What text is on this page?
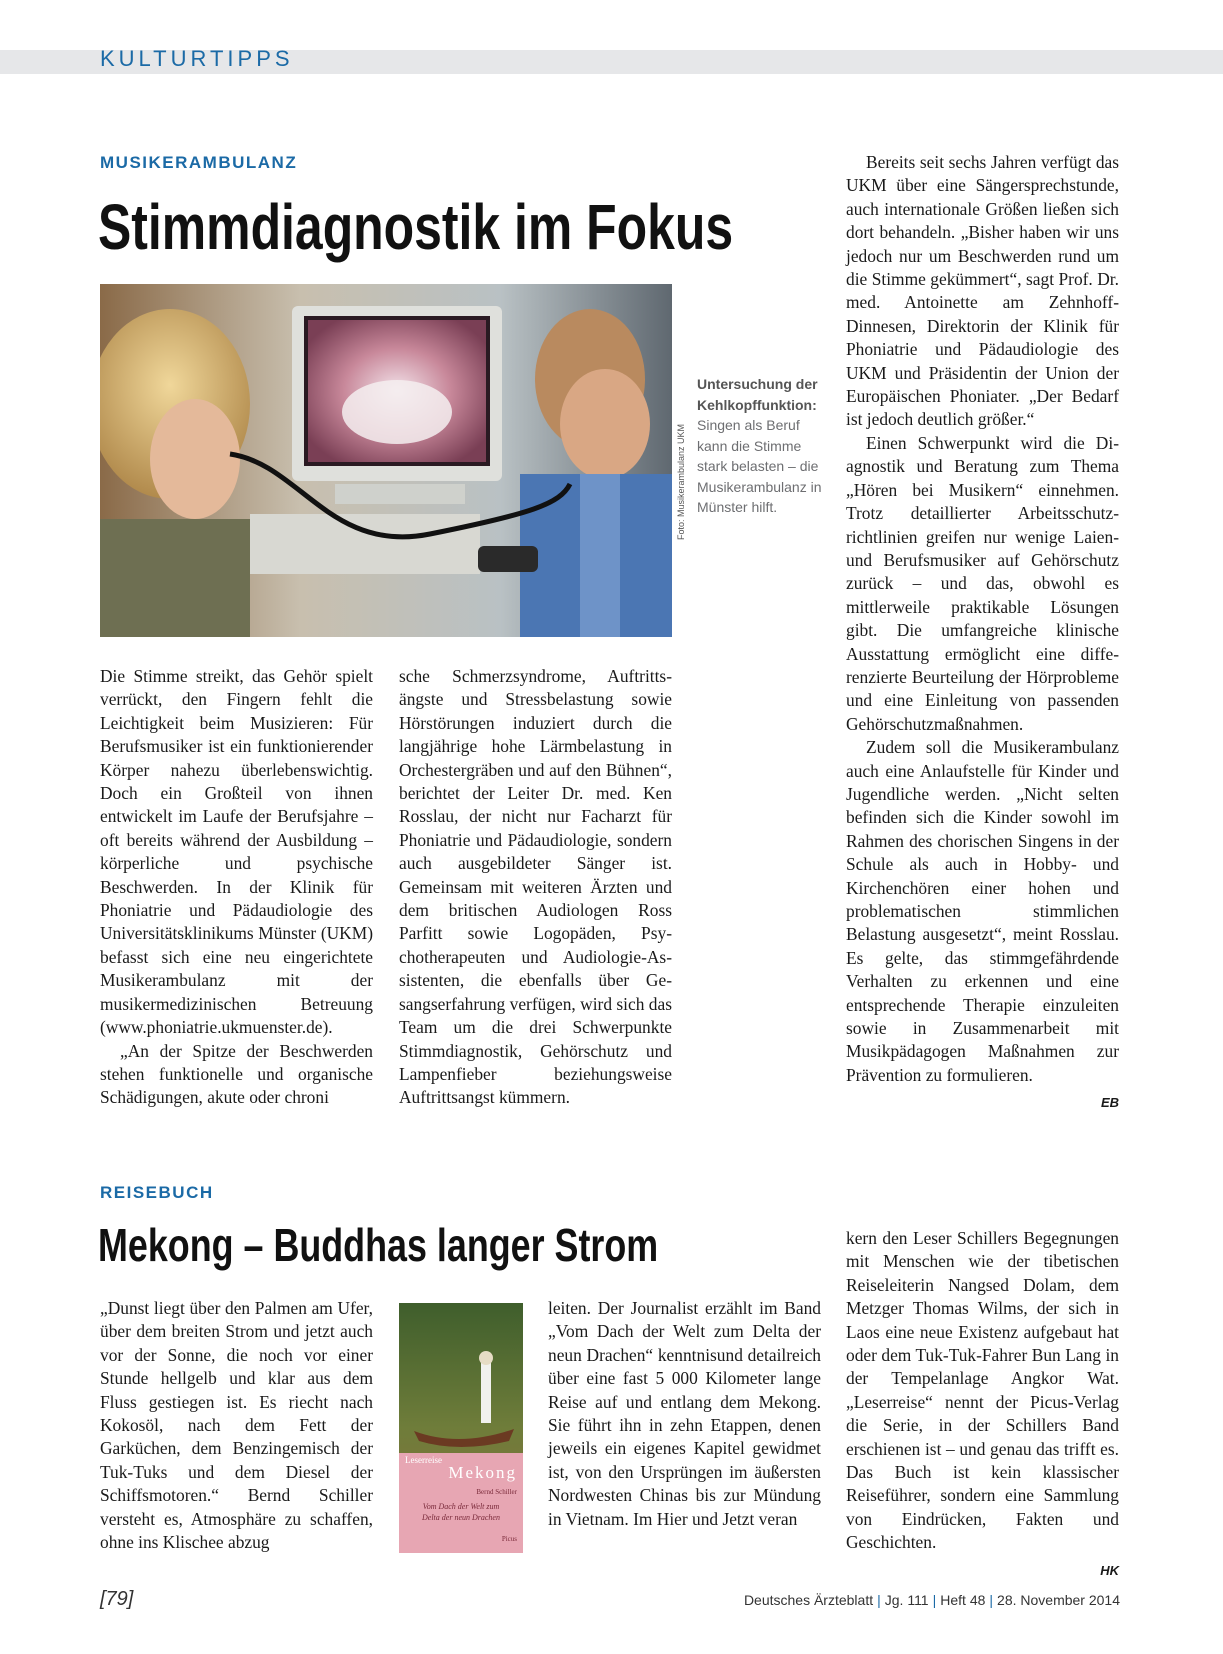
KULTURTIPPS
MUSIKERAMBULANZ
Stimmdiagnostik im Fokus
Foto: Musikerambulanz UKM
Untersuchung der Kehlkopffunktion:
Singen als Beruf kann die Stimme stark belasten – die Musikerambulanz in Münster hilft.

Die Stimme streikt, das Gehör spielt verrückt, den Fingern fehlt die Leichtigkeit beim Musizieren: Für Berufsmusiker ist ein funktionierender Körper nahezu überlebenswichtig. Doch ein Großteil von ihnen entwickelt im Laufe der Berufsjahre – oft bereits während der Ausbildung – körperliche und psychische Beschwerden. In der Klinik für Phoniatrie und Pädaudiologie des Universitätsklinikums Münster (UKM) befasst sich eine neu eingerichtete Musikerambulanz mit der musikermedizinischen Betreuung (www.phoniatrie.ukmuenster.de).

„An der Spitze der Beschwerden stehen funktionelle und organische Schädigungen, akute oder chroni

sche Schmerzsyndrome, Auftrittsängste und Stressbelastung sowie Hörstörungen induziert durch die langjährige hohe Lärmbelastung in Orchestergräben und auf den Bühnen“, berichtet der Leiter Dr. med. Ken Rosslau, der nicht nur Facharzt für Phoniatrie und Pädaudiologie, sondern auch ausgebildeter Sänger ist. Gemeinsam mit weiteren Ärzten und dem britischen Audiologen Ross Parfitt sowie Logopäden, Psychotherapeuten und Audiologie-Assistenten, die ebenfalls über Gesangserfahrung verfügen, wird sich das Team um die drei Schwerpunkte Stimmdiagnostik, Gehörschutz und Lampenfieber beziehungsweise Auftrittsangst kümmern.

Bereits seit sechs Jahren verfügt das UKM über eine Sängersprechstunde, auch internationale Größen ließen sich dort behandeln. „Bisher haben wir uns jedoch nur um Beschwerden rund um die Stimme gekümmert“, sagt Prof. Dr. med. Antoinette am Zehnhoff-Dinnesen, Direktorin der Klinik für Phoniatrie und Pädaudiologie des UKM und Präsidentin der Union der Europäischen Phoniater. „Der Bedarf ist jedoch deutlich größer.“

Einen Schwerpunkt wird die Diagnostik und Beratung zum Thema „Hören bei Musikern“ einnehmen. Trotz detaillierter Arbeitsschutzrichtlinien greifen nur wenige Laien- und Berufsmusiker auf Gehörschutz zurück – und das, obwohl es mittlerweile praktikable Lösungen gibt. Die umfangreiche klinische Ausstattung ermöglicht eine differenzierte Beurteilung der Hörprobleme und eine Einleitung von passenden Gehörschutzmaßnahmen.

Zudem soll die Musikerambulanz auch eine Anlaufstelle für Kinder und Jugendliche werden. „Nicht selten befinden sich die Kinder sowohl im Rahmen des chorischen Singens in der Schule als auch in Hobby- und Kirchenchören einer hohen und problematischen stimmlichen Belastung ausgesetzt“, meint Rosslau. Es gelte, das stimmgefährdende Verhalten zu erkennen und eine entsprechende Therapie einzuleiten sowie in Zusammenarbeit mit Musikpädagogen Maßnahmen zur Prävention zu formulieren.

EB
REISEBUCH
Mekong – Buddhas langer Strom

„Dunst liegt über den Palmen am Ufer, über dem breiten Strom und jetzt auch vor der Sonne, die noch vor einer Stunde hellgelb und klar aus dem Fluss gestiegen ist. Es riecht nach Kokosöl, nach dem Fett der Garküchen, dem Benzingemisch der Tuk-Tuks und dem Diesel der Schiffsmotoren.“ Bernd Schiller versteht es, Atmosphäre zu schaffen, ohne ins Klischee abzug

Leserreise
Mekong
Bernd Schiller
Vom Dach der Welt zum
Delta der neun Drachen
Picus

leiten. Der Journalist erzählt im Band „Vom Dach der Welt zum Delta der neun Drachen“ kenntnisund detailreich über eine fast 5 000 Kilometer lange Reise auf und entlang dem Mekong. Sie führt ihn in zehn Etappen, denen jeweils ein eigenes Kapitel gewidmet ist, von den Ursprüngen im äußersten Nordwesten Chinas bis zur Mündung in Vietnam. Im Hier und Jetzt veran

kern den Leser Schillers Begegnungen mit Menschen wie der tibetischen Reiseleiterin Nangsed Dolam, dem Metzger Thomas Wilms, der sich in Laos eine neue Existenz aufgebaut hat oder dem Tuk-Tuk-Fahrer Bun Lang in der Tempelanlage Angkor Wat. „Leserreise“ nennt der Picus-Verlag die Serie, in der Schillers Band erschienen ist – und genau das trifft es. Das Buch ist kein klassischer Reiseführer, sondern eine Sammlung von Eindrücken, Fakten und Geschichten.

HK
[79]	Deutsches Ärzteblatt | Jg. 111 | Heft 48 | 28. November 2014
